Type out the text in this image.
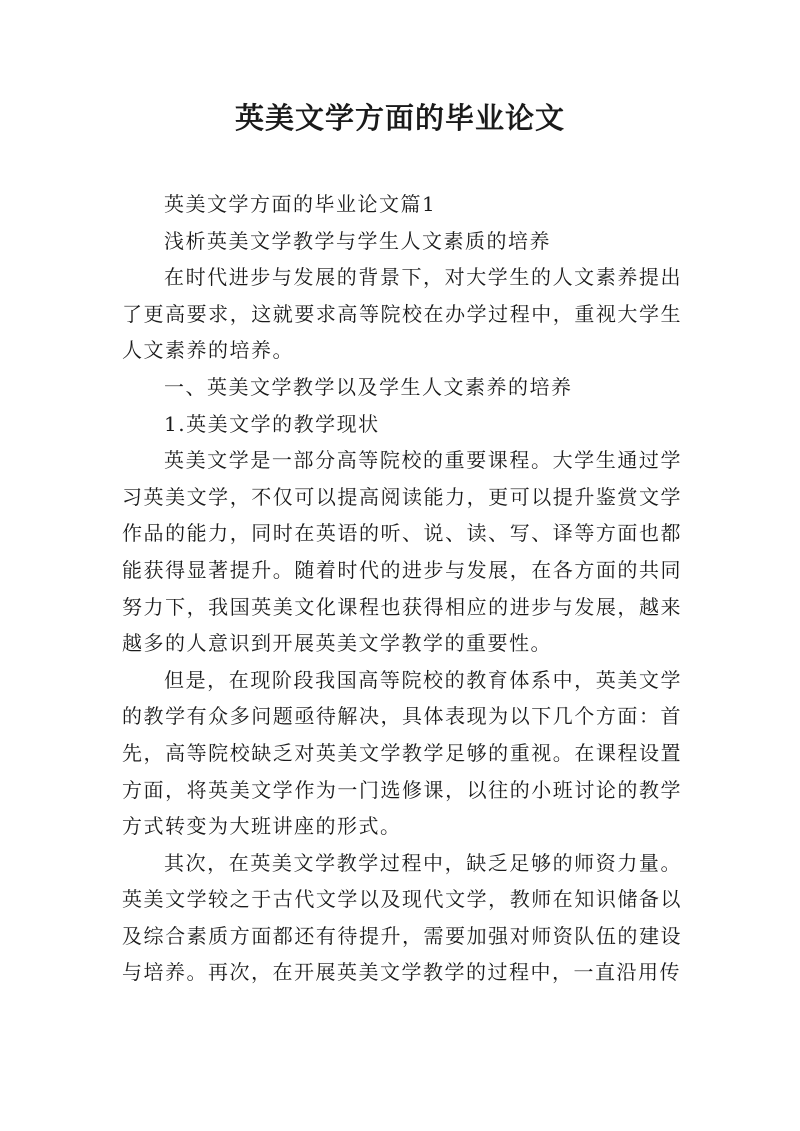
英美文学方面的毕业论文

英美文学方面的毕业论文篇1

浅析英美文学教学与学生人文素质的培养

在时代进步与发展的背景下，对大学生的人文素养提出了更高要求，这就要求高等院校在办学过程中，重视大学生人文素养的培养。

一、英美文学教学以及学生人文素养的培养

1.英美文学的教学现状

英美文学是一部分高等院校的重要课程。大学生通过学习英美文学，不仅可以提高阅读能力，更可以提升鉴赏文学作品的能力，同时在英语的听、说、读、写、译等方面也都能获得显著提升。随着时代的进步与发展，在各方面的共同努力下，我国英美文化课程也获得相应的进步与发展，越来越多的人意识到开展英美文学教学的重要性。

但是，在现阶段我国高等院校的教育体系中，英美文学的教学有众多问题亟待解决，具体表现为以下几个方面：首先，高等院校缺乏对英美文学教学足够的重视。在课程设置方面，将英美文学作为一门选修课，以往的小班讨论的教学方式转变为大班讲座的形式。

其次，在英美文学教学过程中，缺乏足够的师资力量。英美文学较之于古代文学以及现代文学，教师在知识储备以及综合素质方面都还有待提升，需要加强对师资队伍的建设与培养。再次，在开展英美文学教学的过程中，一直沿用传
